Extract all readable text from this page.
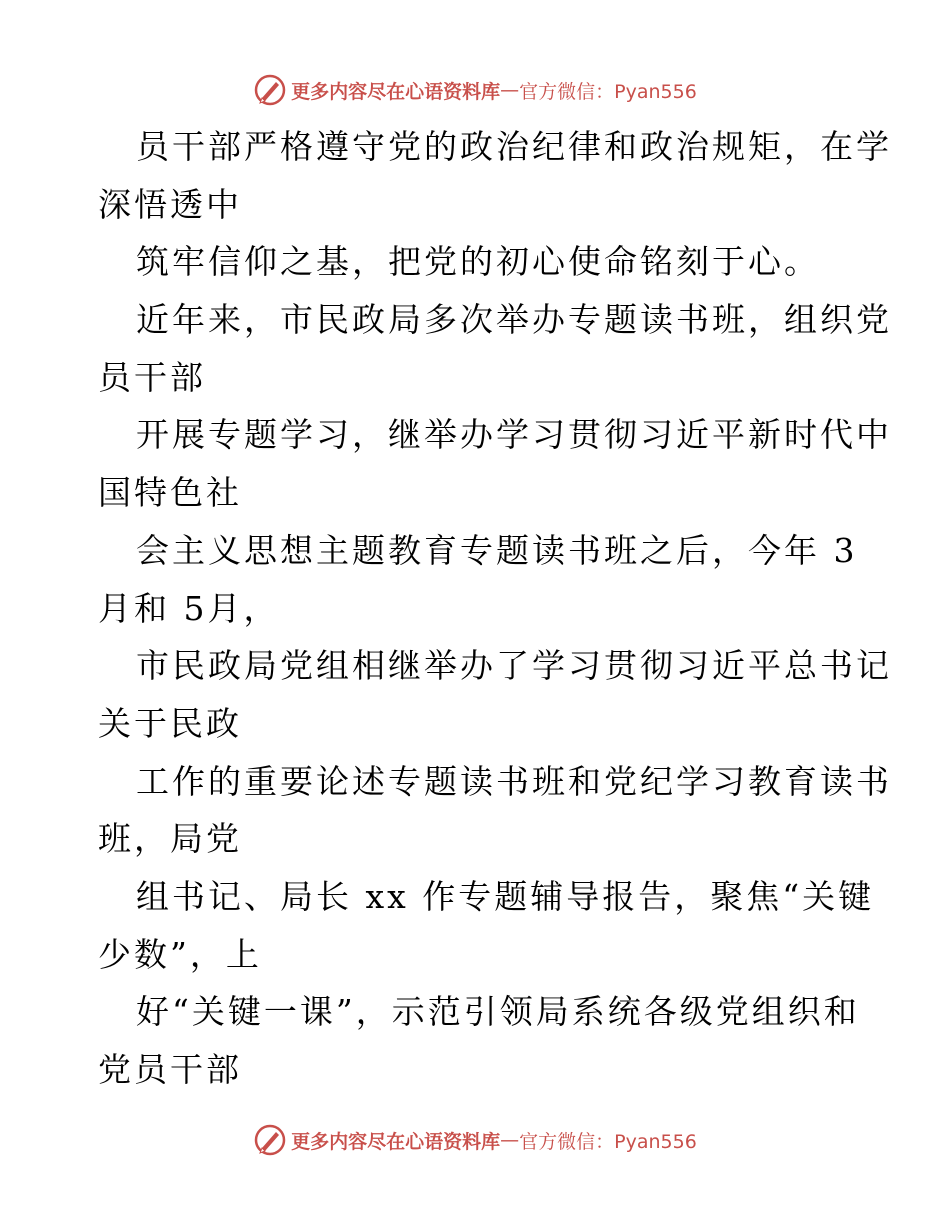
更多内容尽在心语资料库 — 官方微信：Pyan556
员干部严格遵守党的政治纪律和政治规矩，在学
深悟透中
筑牢信仰之基，把党的初心使命铭刻于心。
近年来，市民政局多次举办专题读书班，组织党
员干部
开展专题学习，继举办学习贯彻习近平新时代中
国特色社
会主义思想主题教育专题读书班之后，今年 3
月和 5月，
市民政局党组相继举办了学习贯彻习近平总书记
关于民政
工作的重要论述专题读书班和党纪学习教育读书
班，局党
组书记、局长 xx 作专题辅导报告，聚焦“关键
少数”，上
好“关键一课”，示范引领局系统各级党组织和
党员干部
更多内容尽在心语资料库 — 官方微信：Pyan556
